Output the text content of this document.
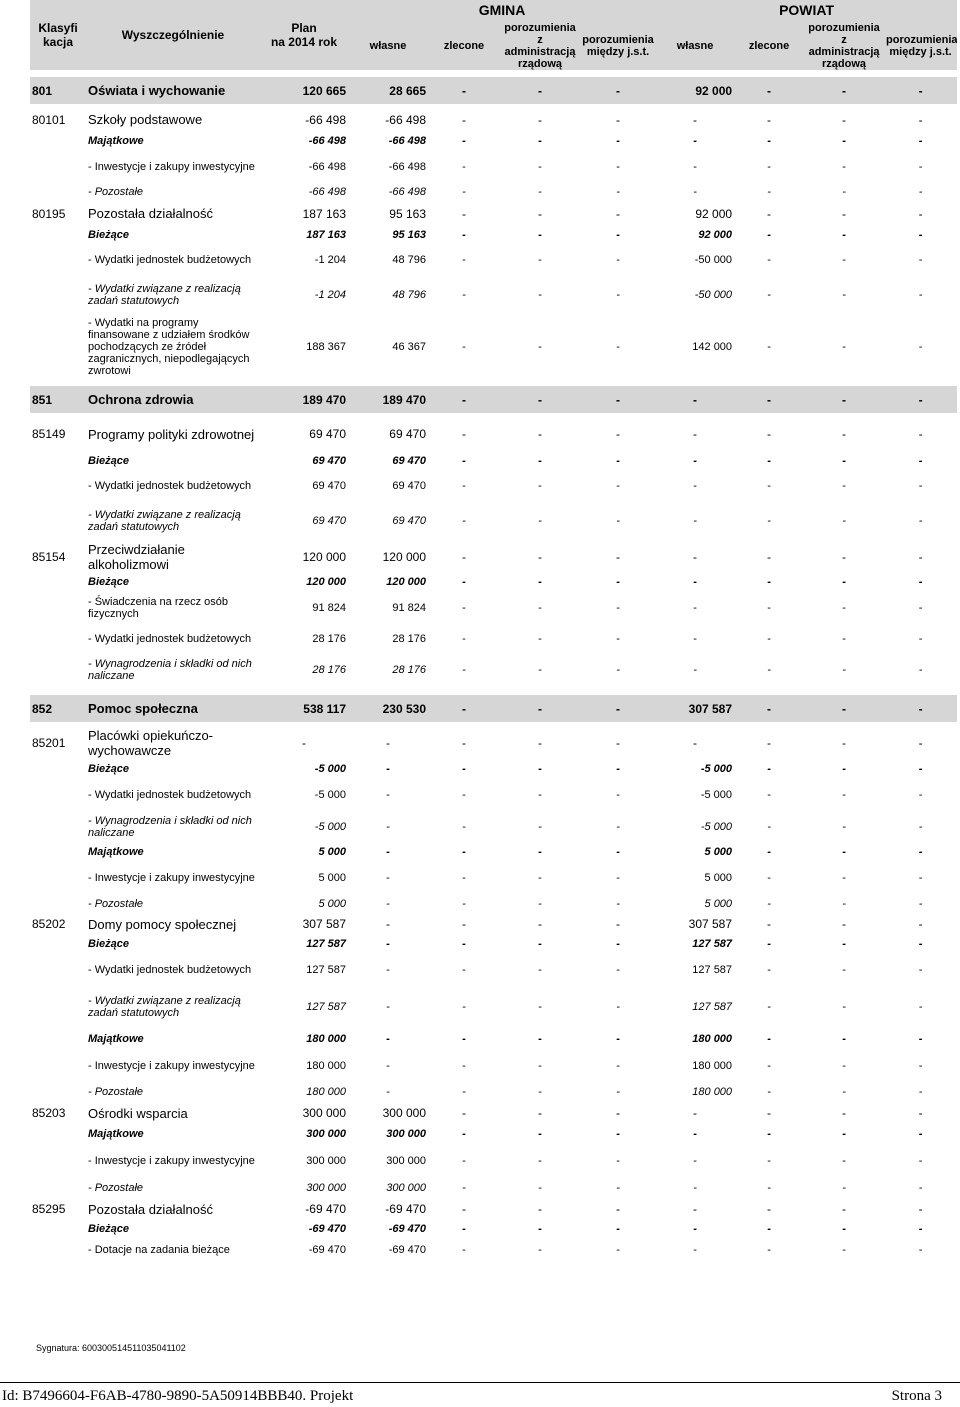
Klasyfi kacja	Wyszczególnienie	Plan
na 2014 rok	GMINA				POWIAT			
			własne	zlecone	porozumienia z administracją rządową	porozumienia między j.s.t.	własne	zlecone	porozumienia z administracją rządową	porozumienia między j.s.t.

801	Oświata i wychowanie	120 665	28 665	-	-	-	92 000	-	-	-

80101	Szkoły podstawowe	-66 498	-66 498	-	-	-	-	-	-	-
	Majątkowe	-66 498	-66 498	-	-	-	-	-	-	-
	- Inwestycje i zakupy inwestycyjne	-66 498	-66 498	-	-	-	-	-	-	-
	- Pozostałe	-66 498	-66 498	-	-	-	-	-	-	-
80195	Pozostała działalność	187 163	95 163	-	-	-	92 000	-	-	-
	Bieżące	187 163	95 163	-	-	-	92 000	-	-	-
	- Wydatki jednostek budżetowych	-1 204	48 796	-	-	-	-50 000	-	-	-
	- Wydatki związane z realizacją zadań statutowych	-1 204	48 796	-	-	-	-50 000	-	-	-
	- Wydatki na programy finansowane z udziałem środków pochodzących ze źródeł zagranicznych, niepodlegających zwrotowi	188 367	46 367	-	-	-	142 000	-	-	-

851	Ochrona zdrowia	189 470	189 470	-	-	-	-	-	-	-

85149	Programy polityki zdrowotnej	69 470	69 470	-	-	-	-	-	-	-
	Bieżące	69 470	69 470	-	-	-	-	-	-	-
	- Wydatki jednostek budżetowych	69 470	69 470	-	-	-	-	-	-	-
	- Wydatki związane z realizacją zadań statutowych	69 470	69 470	-	-	-	-	-	-	-
85154	Przeciwdziałanie alkoholizmowi	120 000	120 000	-	-	-	-	-	-	-
	Bieżące	120 000	120 000	-	-	-	-	-	-	-
	- Świadczenia na rzecz osób fizycznych	91 824	91 824	-	-	-	-	-	-	-
	- Wydatki jednostek budżetowych	28 176	28 176	-	-	-	-	-	-	-
	- Wynagrodzenia i składki od nich naliczane	28 176	28 176	-	-	-	-	-	-	-

852	Pomoc społeczna	538 117	230 530	-	-	-	307 587	-	-	-

85201	Placówki opiekuńczo-wychowawcze	-	-	-	-	-	-	-	-	-
	Bieżące	-5 000	-	-	-	-	-5 000	-	-	-
	- Wydatki jednostek budżetowych	-5 000	-	-	-	-	-5 000	-	-	-
	- Wynagrodzenia i składki od nich naliczane	-5 000	-	-	-	-	-5 000	-	-	-
	Majątkowe	5 000	-	-	-	-	5 000	-	-	-
	- Inwestycje i zakupy inwestycyjne	5 000	-	-	-	-	5 000	-	-	-
	- Pozostałe	5 000	-	-	-	-	5 000	-	-	-
85202	Domy pomocy społecznej	307 587	-	-	-	-	307 587	-	-	-
	Bieżące	127 587	-	-	-	-	127 587	-	-	-
	- Wydatki jednostek budżetowych	127 587	-	-	-	-	127 587	-	-	-
	- Wydatki związane z realizacją zadań statutowych	127 587	-	-	-	-	127 587	-	-	-
	Majątkowe	180 000	-	-	-	-	180 000	-	-	-
	- Inwestycje i zakupy inwestycyjne	180 000	-	-	-	-	180 000	-	-	-
	- Pozostałe	180 000	-	-	-	-	180 000	-	-	-
85203	Ośrodki wsparcia	300 000	300 000	-	-	-	-	-	-	-
	Majątkowe	300 000	300 000	-	-	-	-	-	-	-
	- Inwestycje i zakupy inwestycyjne	300 000	300 000	-	-	-	-	-	-	-
	- Pozostałe	300 000	300 000	-	-	-	-	-	-	-
85295	Pozostała działalność	-69 470	-69 470	-	-	-	-	-	-	-
	Bieżące	-69 470	-69 470	-	-	-	-	-	-	-
	- Dotacje na zadania bieżące	-69 470	-69 470	-	-	-	-	-	-	-
Sygnatura: 600300514511035041102
Id: B7496604-F6AB-4780-9890-5A50914BBB40. Projekt	Strona 3
